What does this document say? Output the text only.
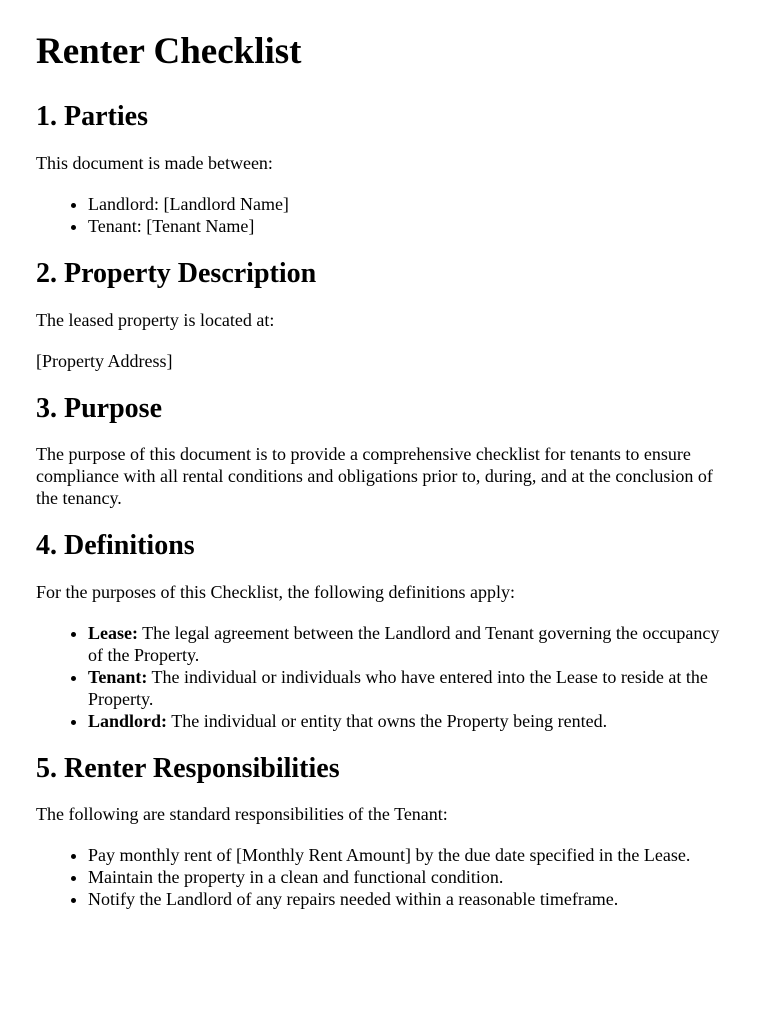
Renter Checklist
1. Parties

This document is made between:

• Landlord: [Landlord Name]
• Tenant: [Tenant Name]
2. Property Description

The leased property is located at:

[Property Address]

3. Purpose

The purpose of this document is to provide a comprehensive checklist for tenants to ensure compliance with all rental conditions and obligations prior to, during, and at the conclusion of the tenancy.

4. Definitions

For the purposes of this Checklist, the following definitions apply:

• Lease: The legal agreement between the Landlord and Tenant governing the occupancy of the Property.
• Tenant: The individual or individuals who have entered into the Lease to reside at the Property.
• Landlord: The individual or entity that owns the Property being rented.
5. Renter Responsibilities

The following are standard responsibilities of the Tenant:

• Pay monthly rent of [Monthly Rent Amount] by the due date specified in the Lease.
• Maintain the property in a clean and functional condition.
• Notify the Landlord of any repairs needed within a reasonable timeframe.
